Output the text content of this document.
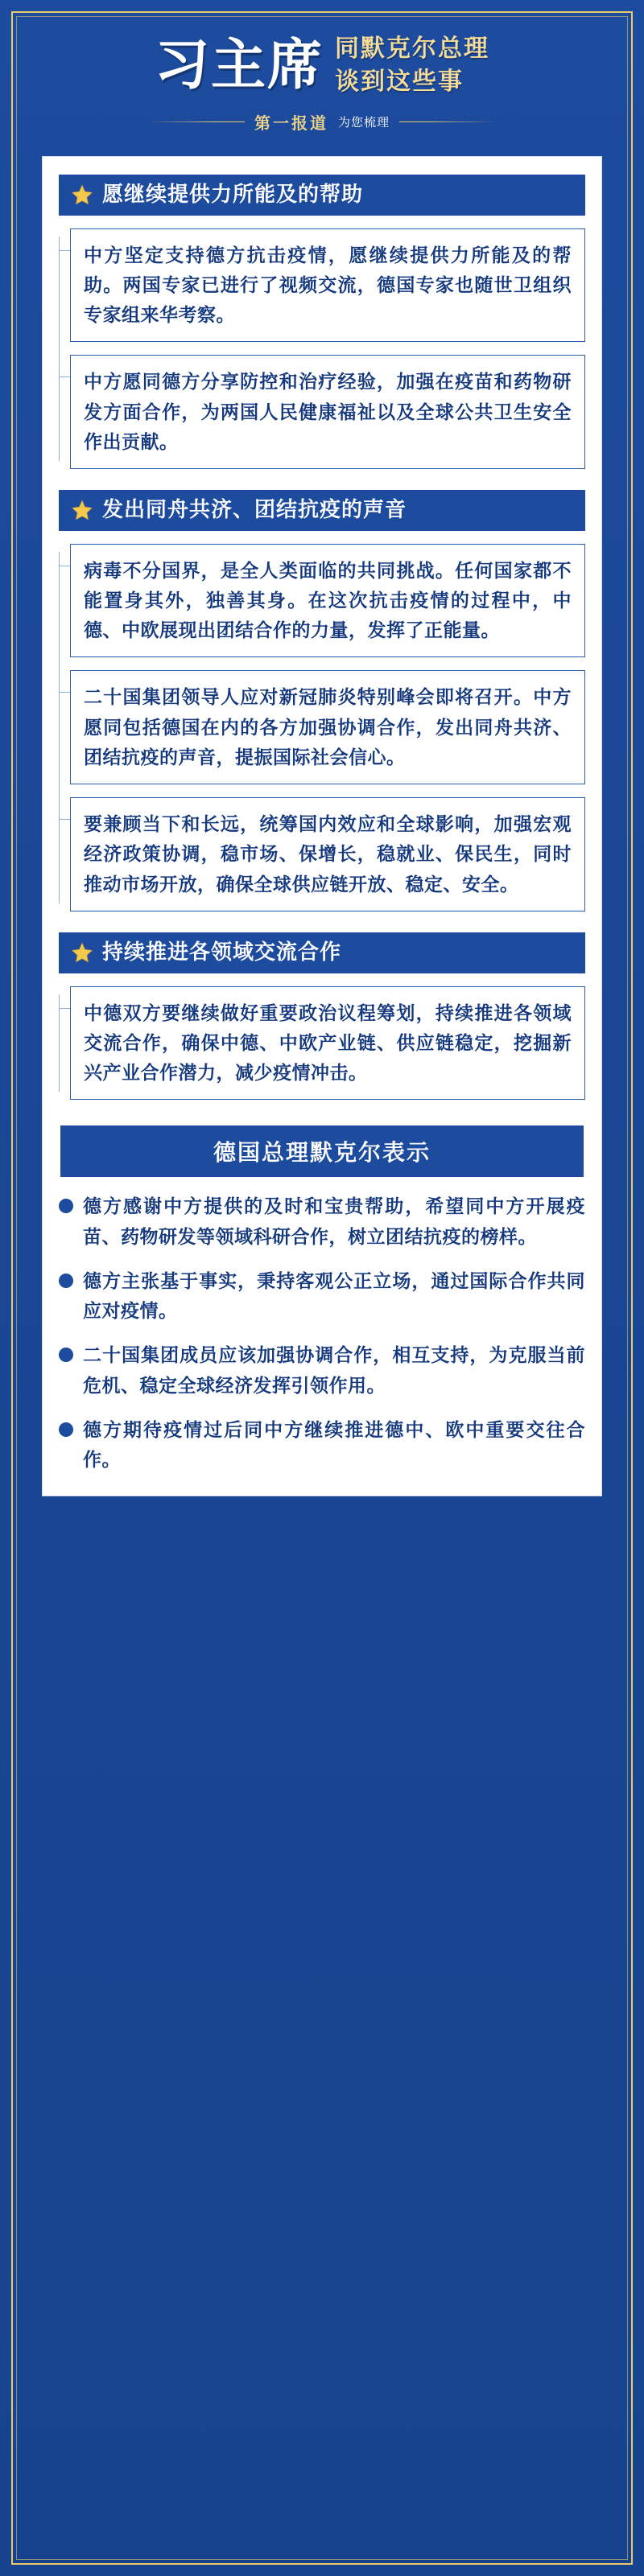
习主席 同默克尔总理
谈到这些事
第一报道 为您梳理
愿继续提供力所能及的帮助

中方坚定支持德方抗击疫情，愿继续提供力所能及的帮助。两国专家已进行了视频交流，德国专家也随世卫组织专家组来华考察。

中方愿同德方分享防控和治疗经验，加强在疫苗和药物研发方面合作，为两国人民健康福祉以及全球公共卫生安全作出贡献。

发出同舟共济、团结抗疫的声音

病毒不分国界，是全人类面临的共同挑战。任何国家都不能置身其外，独善其身。在这次抗击疫情的过程中，中德、中欧展现出团结合作的力量，发挥了正能量。

二十国集团领导人应对新冠肺炎特别峰会即将召开。中方愿同包括德国在内的各方加强协调合作，发出同舟共济、团结抗疫的声音，提振国际社会信心。

要兼顾当下和长远，统筹国内效应和全球影响，加强宏观经济政策协调，稳市场、保增长，稳就业、保民生，同时推动市场开放，确保全球供应链开放、稳定、安全。

持续推进各领域交流合作

中德双方要继续做好重要政治议程筹划，持续推进各领域交流合作，确保中德、中欧产业链、供应链稳定，挖掘新兴产业合作潜力，减少疫情冲击。

德国总理默克尔表示

德方感谢中方提供的及时和宝贵帮助，希望同中方开展疫苗、药物研发等领域科研合作，树立团结抗疫的榜样。

德方主张基于事实，秉持客观公正立场，通过国际合作共同应对疫情。

二十国集团成员应该加强协调合作，相互支持，为克服当前危机、稳定全球经济发挥引领作用。

德方期待疫情过后同中方继续推进德中、欧中重要交往合作。
